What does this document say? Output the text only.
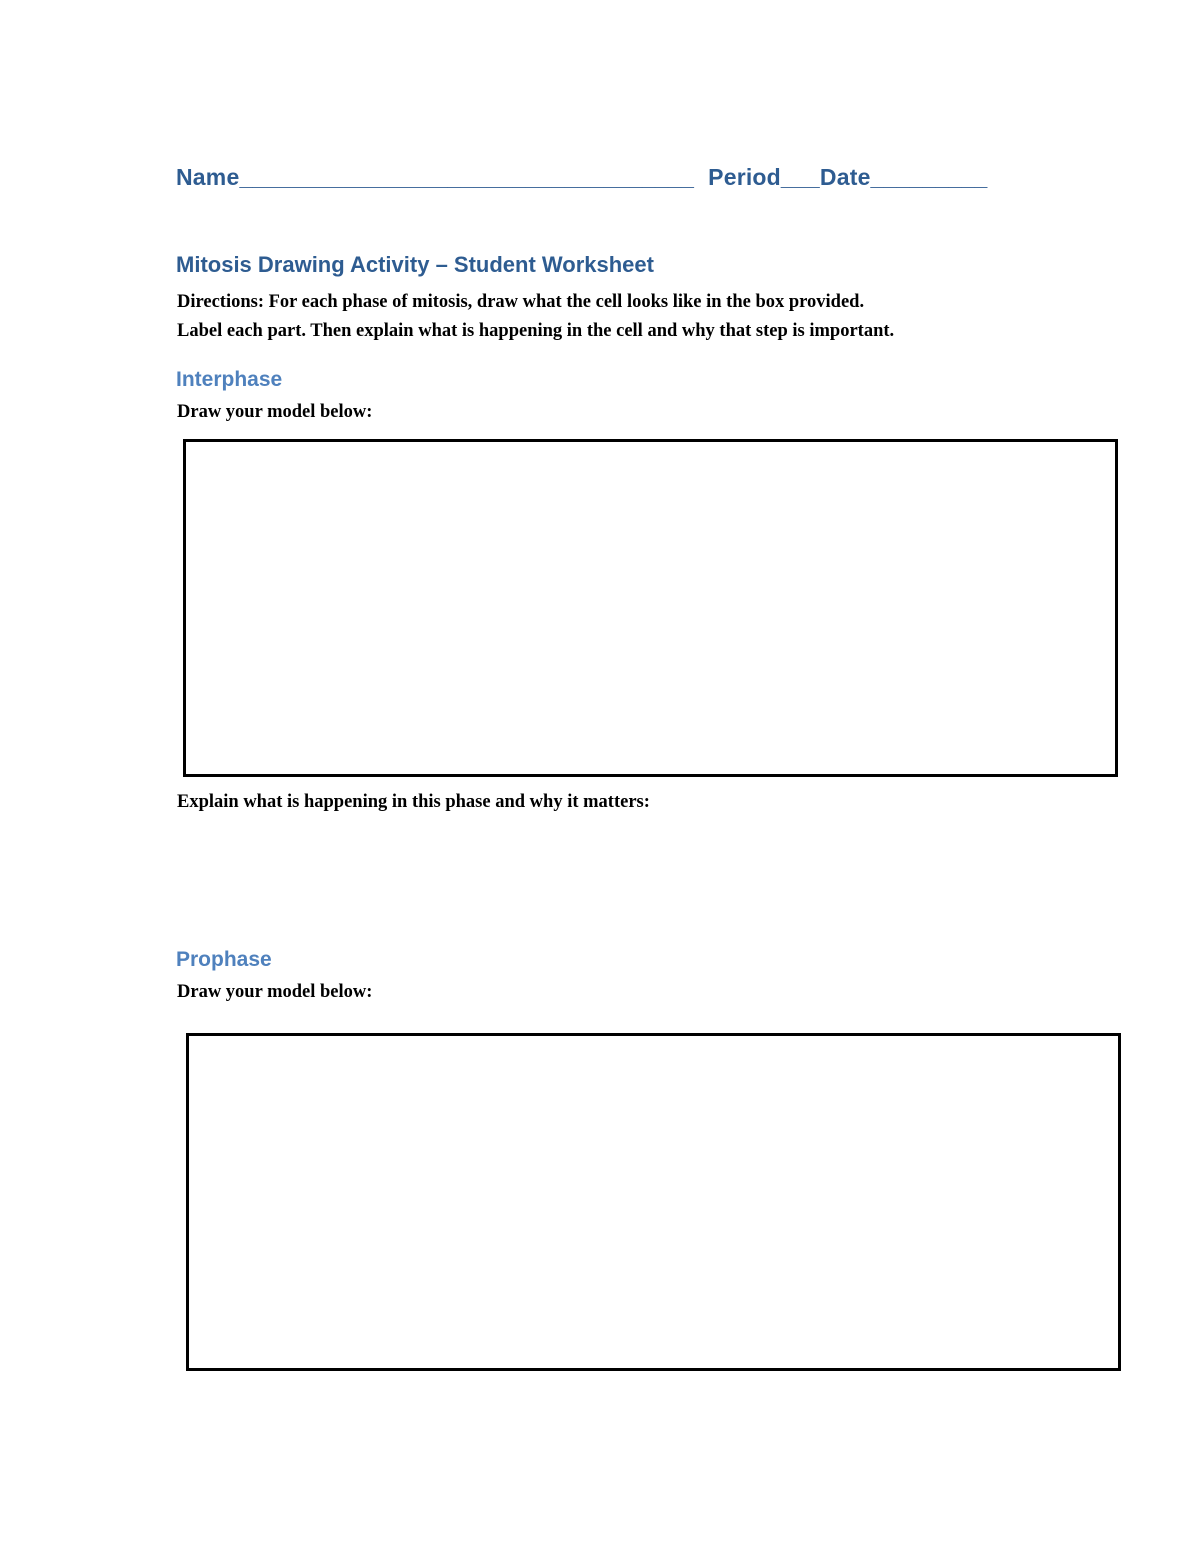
Name___________________________________ Period___Date_________
Mitosis Drawing Activity – Student Worksheet
Directions: For each phase of mitosis, draw what the cell looks like in the box provided.
Label each part. Then explain what is happening in the cell and why that step is important.
Interphase
Draw your model below:
Explain what is happening in this phase and why it matters:
Prophase
Draw your model below:
